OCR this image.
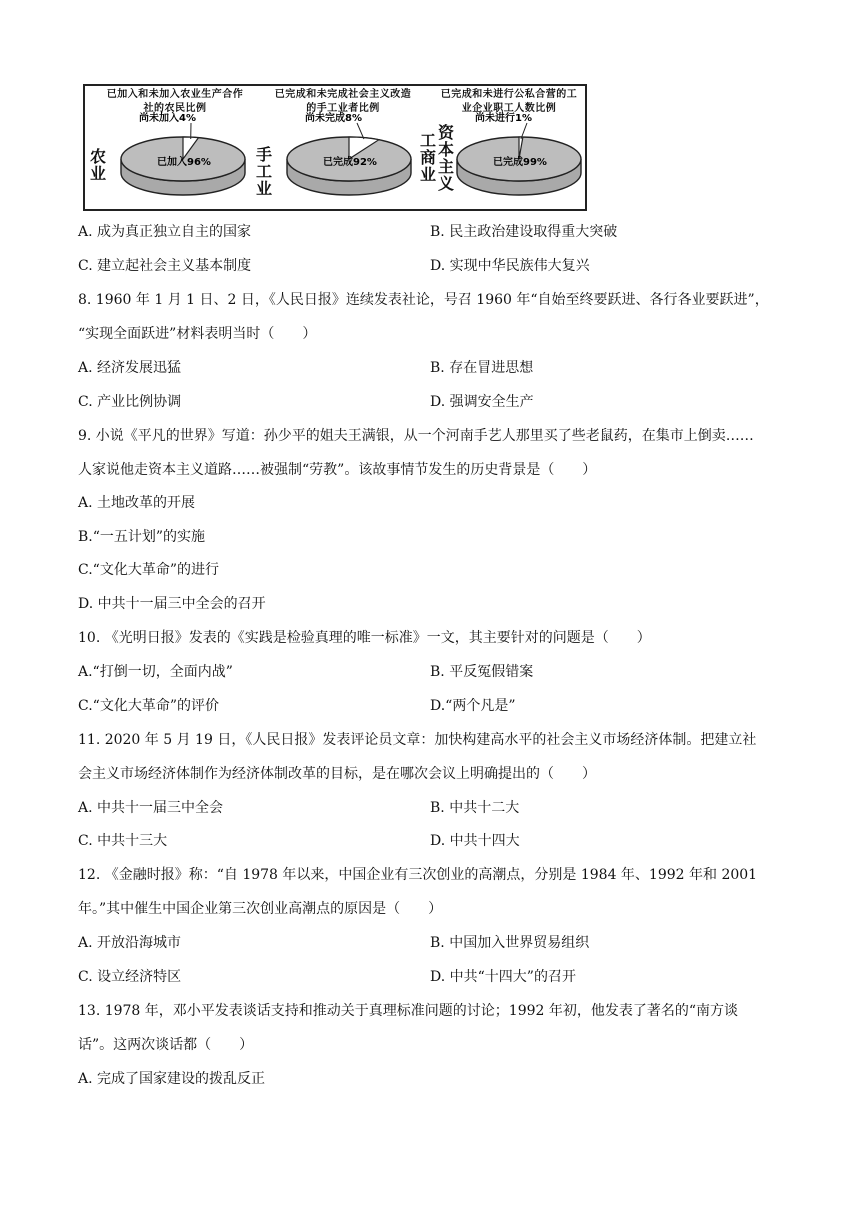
已加入和未加入农业生产合作社的农民比例
农业
尚未加入4%
已加入96%
已完成和未完成社会主义改造的手工业者比例
手工业
尚未完成8%
已完成92%
已完成和未进行公私合营的工业企业职工人数比例
工商业
资本主义
尚未进行1%
已完成99%
A. 成为真正独立自主的国家	B. 民主政治建设取得重大突破
C. 建立起社会主义基本制度	D. 实现中华民族伟大复兴
8. 1960 年 1 月 1 日、2 日，《人民日报》连续发表社论，号召 1960 年“自始至终要跃进、各行各业要跃进”，
“实现全面跃进”材料表明当时（　　）
A. 经济发展迅猛	B. 存在冒进思想
C. 产业比例协调	D. 强调安全生产
9. 小说《平凡的世界》写道：孙少平的姐夫王满银，从一个河南手艺人那里买了些老鼠药，在集市上倒卖……
人家说他走资本主义道路……被强制“劳教”。该故事情节发生的历史背景是（　　）
A. 土地改革的开展
B.“一五计划”的实施
C.“文化大革命”的进行
D. 中共十一届三中全会的召开
10. 《光明日报》发表的《实践是检验真理的唯一标准》一文，其主要针对的问题是（　　）
A.“打倒一切，全面内战”	B. 平反冤假错案
C.“文化大革命”的评价	D.“两个凡是”
11. 2020 年 5 月 19 日，《人民日报》发表评论员文章：加快构建高水平的社会主义市场经济体制。把建立社
会主义市场经济体制作为经济体制改革的目标，是在哪次会议上明确提出的（　　）
A. 中共十一届三中全会	B. 中共十二大
C. 中共十三大	D. 中共十四大
12. 《金融时报》称：“自 1978 年以来，中国企业有三次创业的高潮点，分别是 1984 年、1992 年和 2001
年。”其中催生中国企业第三次创业高潮点的原因是（　　）
A. 开放沿海城市	B. 中国加入世界贸易组织
C. 设立经济特区	D. 中共“十四大”的召开
13. 1978 年，邓小平发表谈话支持和推动关于真理标准问题的讨论；1992 年初，他发表了著名的“南方谈
话”。这两次谈话都（　　）
A. 完成了国家建设的拨乱反正
